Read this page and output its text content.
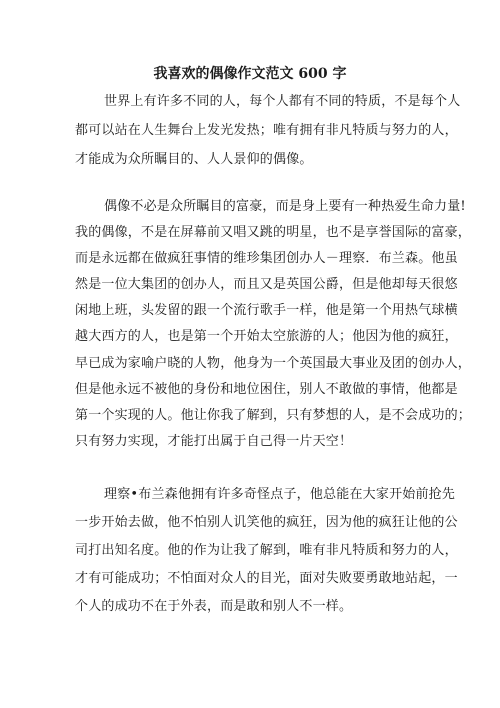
我喜欢的偶像作文范文 600 字
世界上有许多不同的人，每个人都有不同的特质，不是每个人
都可以站在人生舞台上发光发热；唯有拥有非凡特质与努力的人，
才能成为众所瞩目的、人人景仰的偶像。
偶像不必是众所瞩目的富豪，而是身上要有一种热爱生命力量!
我的偶像，不是在屏幕前又唱又跳的明星，也不是享誉国际的富豪，
而是永远都在做疯狂事情的维珍集团创办人－理察．布兰森。他虽
然是一位大集团的创办人，而且又是英国公爵，但是他却每天很悠
闲地上班，头发留的跟一个流行歌手一样，他是第一个用热气球横
越大西方的人，也是第一个开始太空旅游的人；他因为他的疯狂，
早已成为家喻户晓的人物，他身为一个英国最大事业及团的创办人，
但是他永远不被他的身份和地位困住，别人不敢做的事情，他都是
第一个实现的人。他让你我了解到，只有梦想的人，是不会成功的；
只有努力实现，才能打出属于自己得一片天空！
理察•布兰森他拥有许多奇怪点子，他总能在大家开始前抢先
一步开始去做，他不怕别人讥笑他的疯狂，因为他的疯狂让他的公
司打出知名度。他的作为让我了解到，唯有非凡特质和努力的人，
才有可能成功；不怕面对众人的目光，面对失败要勇敢地站起，一
个人的成功不在于外表，而是敢和别人不一样。
